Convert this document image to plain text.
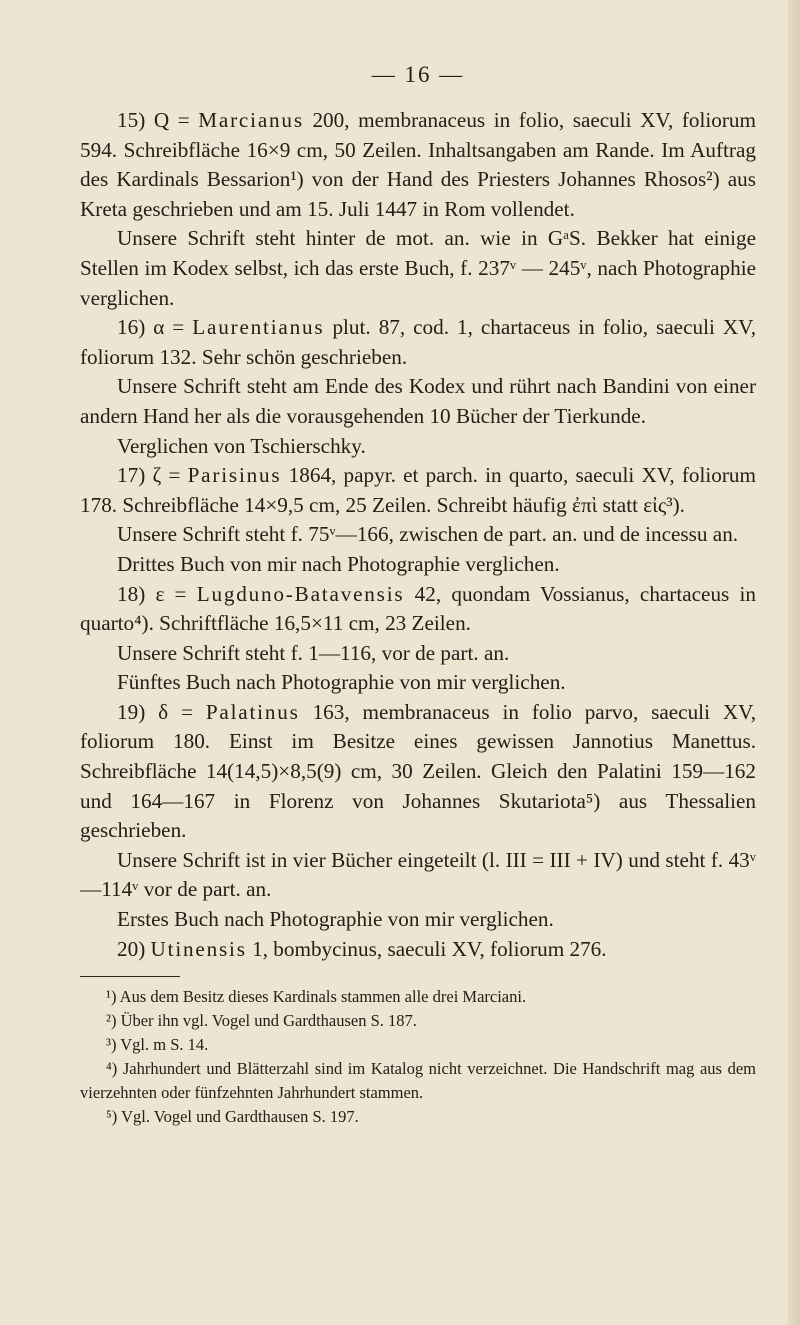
— 16 —

15) Q = Marcianus 200, membranaceus in folio, saeculi XV, foliorum 594. Schreibfläche 16×9 cm, 50 Zeilen. Inhaltsangaben am Rande. Im Auftrag des Kardinals Bessarion¹) von der Hand des Priesters Johannes Rhosos²) aus Kreta geschrieben und am 15. Juli 1447 in Rom vollendet.

Unsere Schrift steht hinter de mot. an. wie in GᵃS. Bekker hat einige Stellen im Kodex selbst, ich das erste Buch, f. 237ᵛ — 245ᵛ, nach Photographie verglichen.

16) α = Laurentianus plut. 87, cod. 1, chartaceus in folio, saeculi XV, foliorum 132. Sehr schön geschrieben.

Unsere Schrift steht am Ende des Kodex und rührt nach Bandini von einer andern Hand her als die vorausgehenden 10 Bücher der Tierkunde.

Verglichen von Tschierschky.

17) ζ = Parisinus 1864, papyr. et parch. in quarto, saeculi XV, foliorum 178. Schreibfläche 14×9,5 cm, 25 Zeilen. Schreibt häufig ἐπὶ statt εἰς³).

Unsere Schrift steht f. 75ᵛ—166, zwischen de part. an. und de incessu an.

Drittes Buch von mir nach Photographie verglichen.

18) ε = Lugduno-Batavensis 42, quondam Vossianus, chartaceus in quarto⁴). Schriftfläche 16,5×11 cm, 23 Zeilen.

Unsere Schrift steht f. 1—116, vor de part. an.

Fünftes Buch nach Photographie von mir verglichen.

19) δ = Palatinus 163, membranaceus in folio parvo, saeculi XV, foliorum 180. Einst im Besitze eines gewissen Jannotius Manettus. Schreibfläche 14(14,5)×8,5(9) cm, 30 Zeilen. Gleich den Palatini 159—162 und 164—167 in Florenz von Johannes Skutariota⁵) aus Thessalien geschrieben.

Unsere Schrift ist in vier Bücher eingeteilt (l. III = III + IV) und steht f. 43ᵛ—114ᵛ vor de part. an.

Erstes Buch nach Photographie von mir verglichen.

20) Utinensis 1, bombycinus, saeculi XV, foliorum 276.

¹) Aus dem Besitz dieses Kardinals stammen alle drei Marciani.

²) Über ihn vgl. Vogel und Gardthausen S. 187.

³) Vgl. m S. 14.

⁴) Jahrhundert und Blätterzahl sind im Katalog nicht verzeichnet. Die Handschrift mag aus dem vierzehnten oder fünfzehnten Jahrhundert stammen.

⁵) Vgl. Vogel und Gardthausen S. 197.
